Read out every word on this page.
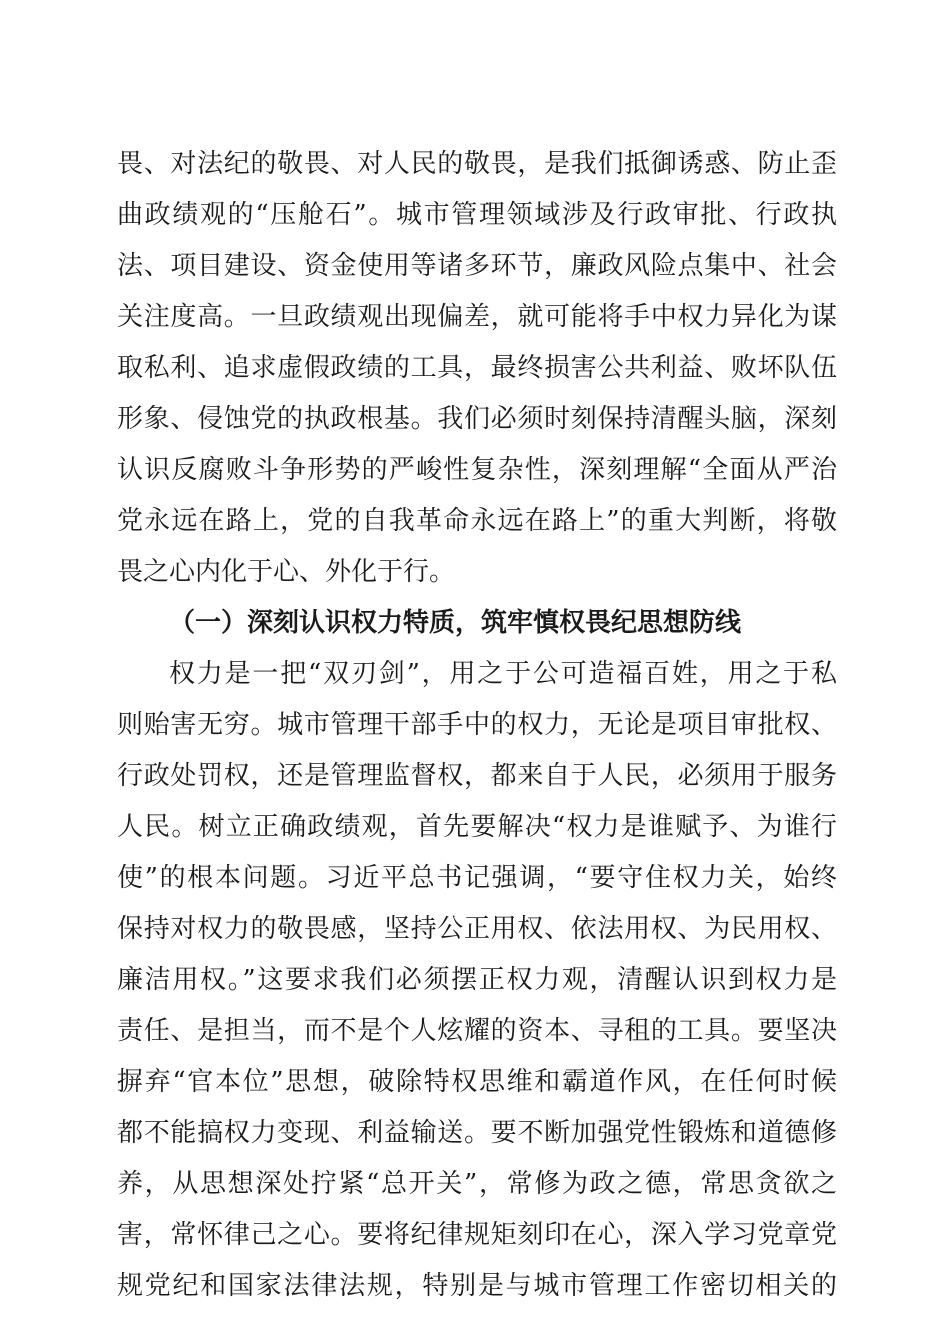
畏、对法纪的敬畏、对人民的敬畏，是我们抵御诱惑、防止歪
曲政绩观的“压舱石”。城市管理领域涉及行政审批、行政执
法、项目建设、资金使用等诸多环节，廉政风险点集中、社会
关注度高。一旦政绩观出现偏差，就可能将手中权力异化为谋
取私利、追求虚假政绩的工具，最终损害公共利益、败坏队伍
形象、侵蚀党的执政根基。我们必须时刻保持清醒头脑，深刻
认识反腐败斗争形势的严峻性复杂性，深刻理解“全面从严治
党永远在路上，党的自我革命永远在路上”的重大判断，将敬
畏之心内化于心、外化于行。
（一）深刻认识权力特质，筑牢慎权畏纪思想防线
权力是一把“双刃剑”，用之于公可造福百姓，用之于私
则贻害无穷。城市管理干部手中的权力，无论是项目审批权、
行政处罚权，还是管理监督权，都来自于人民，必须用于服务
人民。树立正确政绩观，首先要解决“权力是谁赋予、为谁行
使”的根本问题。习近平总书记强调，“要守住权力关，始终
保持对权力的敬畏感，坚持公正用权、依法用权、为民用权、
廉洁用权。”这要求我们必须摆正权力观，清醒认识到权力是
责任、是担当，而不是个人炫耀的资本、寻租的工具。要坚决
摒弃“官本位”思想，破除特权思维和霸道作风，在任何时候
都不能搞权力变现、利益输送。要不断加强党性锻炼和道德修
养，从思想深处拧紧“总开关”，常修为政之德，常思贪欲之
害，常怀律己之心。要将纪律规矩刻印在心，深入学习党章党
规党纪和国家法律法规，特别是与城市管理工作密切相关的
